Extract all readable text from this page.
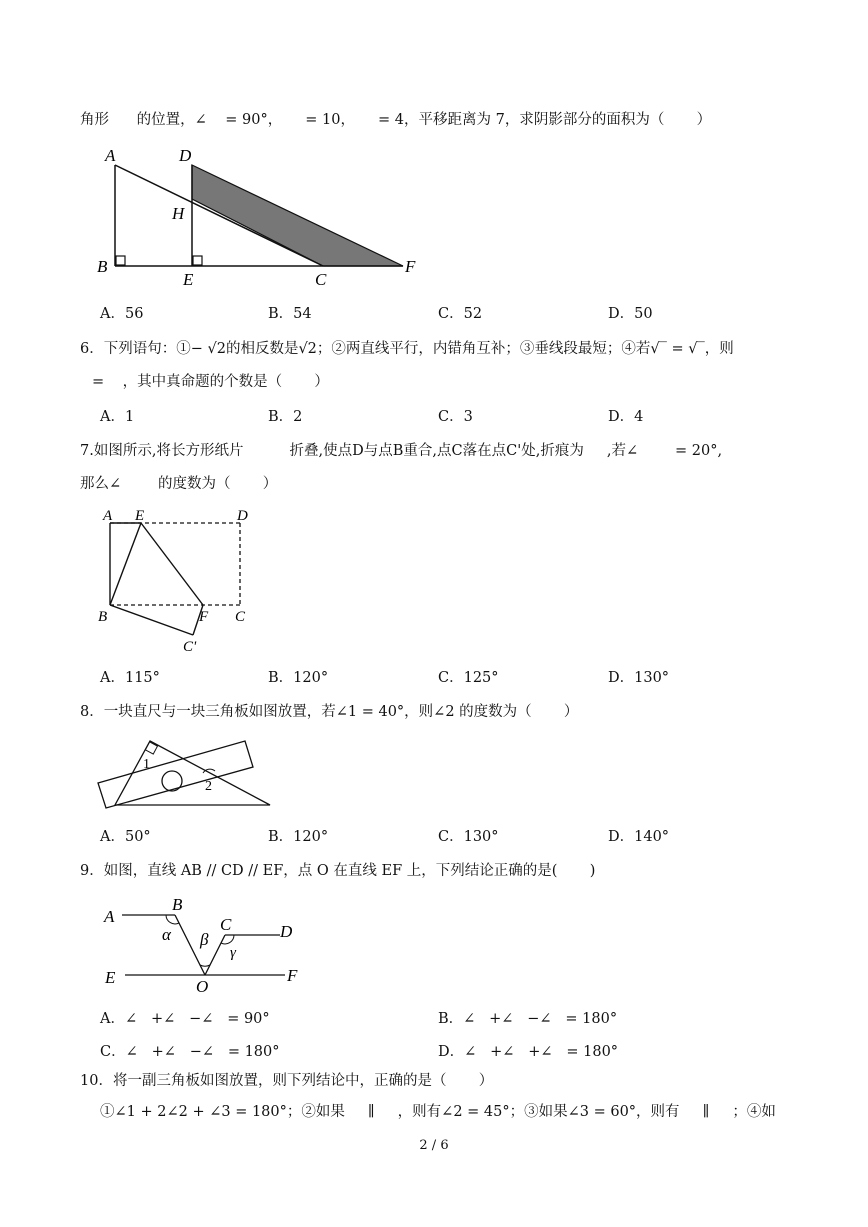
角形      的位置，∠    = 90°，     = 10，     = 4，平移距离为 7，求阴影部分的面积为（       ）
A	D
H
B
E	C
F
A．56	B．54	C．52	D．50
6．下列语句：①− √2的相反数是√2；②两直线平行，内错角互补；③垂线段最短；④若√‾ = √‾，则
=    ，其中真命题的个数是（       ）
A．1	B．2	C．3	D．4
7.如图所示,将长方形纸片          折叠,使点D与点B重合,点C落在点C'处,折痕为     ,若∠        = 20°,
那么∠        的度数为（       ）
A E	D
B	F C
C'
A．115°	B．120°	C．125°	D．130°
8．一块直尺与一块三角板如图放置，若∠1 = 40°，则∠2 的度数为（       ）
1
2
A．50°	B．120°	C．130°	D．140°
9．如图，直线 AB // CD // EF，点 O 在直线 EF 上，下列结论正确的是(       )
A
B
C	D
E	F
O
α β
γ
A．∠   +∠   −∠   = 90°	B．∠   +∠   −∠   = 180°
C．∠   +∠   −∠   = 180°	D．∠   +∠   +∠   = 180°
10．将一副三角板如图放置，则下列结论中，正确的是（       ）
①∠1 + 2∠2 + ∠3 = 180°；②如果     ∥     ，则有∠2 = 45°；③如果∠3 = 60°，则有     ∥     ；④如
2 / 6
